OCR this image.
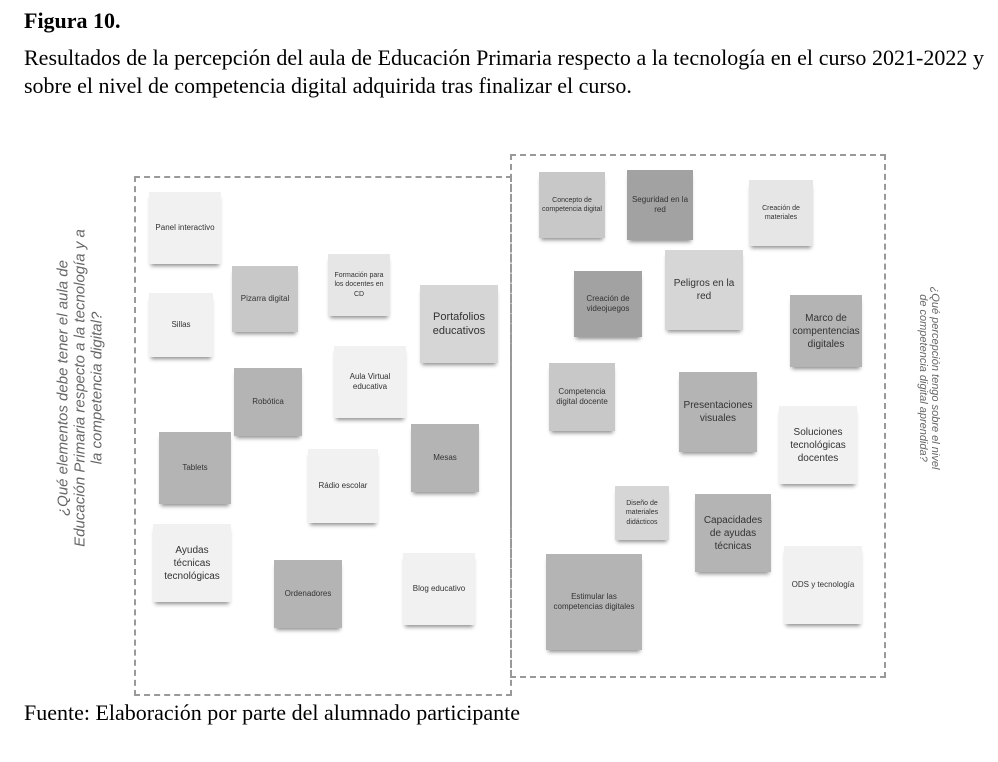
Figura 10.
Resultados de la percepción del aula de Educación Primaria respecto a la tecnología en el curso 2021-2022 y sobre el nivel de competencia digital adquirida tras finalizar el curso.
¿Qué elementos debe tener el aula de Educación Primaria respecto a la tecnología y a la competencia digital?	¿Qué percepción tengo sobre el nivel de competencia digital aprendida?
Panel interactivo
Sillas
Pizarra digital
Formación para los docentes en CD
Portafolios educativos
Robótica
Aula Virtual educativa
Tablets
Rádio escolar
Mesas
Ayudas técnicas tecnológicas
Ordenadores
Blog educativo
Concepto de competencia digital
Seguridad en la red	Creación de materiales
Creación de videojuegos
Peligros en la red
Marco de compentencias digitales
Competencia digital docente	Presentaciones visuales
Soluciones tecnológicas docentes
Diseño de materiales didácticos	Capacidades de ayudas técnicas
Estimular las competencias digitales
ODS y tecnología
Fuente: Elaboración por parte del alumnado participante
